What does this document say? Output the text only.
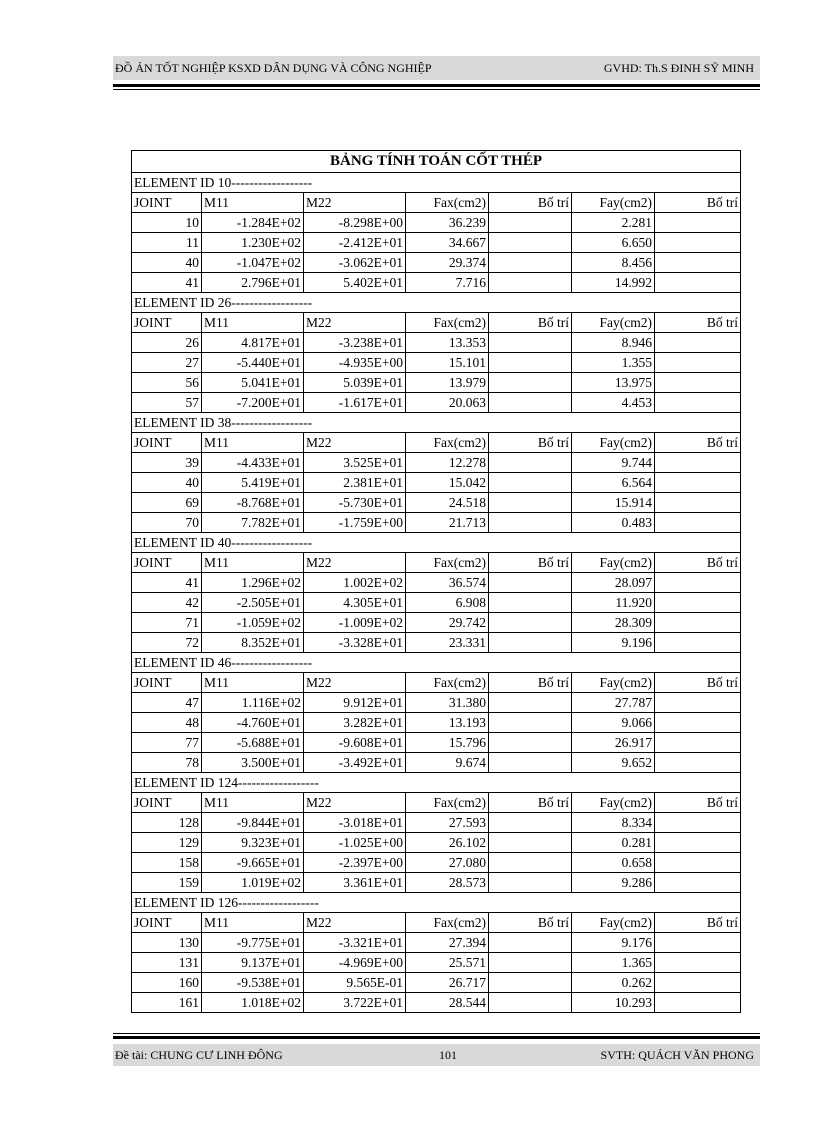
ĐỒ ÁN TỐT NGHIỆP KSXD DÂN DỤNG VÀ CÔNG NGHIỆP	GVHD: Th.S ĐINH SỸ MINH
BẢNG TÍNH TOÁN CỐT THÉP						
ELEMENT ID 10------------------						
JOINT	M11	M22	Fax(cm2)	Bố trí	Fay(cm2)	Bố trí
10	-1.284E+02	-8.298E+00	36.239		2.281	
11	1.230E+02	-2.412E+01	34.667		6.650	
40	-1.047E+02	-3.062E+01	29.374		8.456	
41	2.796E+01	5.402E+01	7.716		14.992	
ELEMENT ID 26------------------						
JOINT	M11	M22	Fax(cm2)	Bố trí	Fay(cm2)	Bố trí
26	4.817E+01	-3.238E+01	13.353		8.946	
27	-5.440E+01	-4.935E+00	15.101		1.355	
56	5.041E+01	5.039E+01	13.979		13.975	
57	-7.200E+01	-1.617E+01	20.063		4.453	
ELEMENT ID 38------------------						
JOINT	M11	M22	Fax(cm2)	Bố trí	Fay(cm2)	Bố trí
39	-4.433E+01	3.525E+01	12.278		9.744	
40	5.419E+01	2.381E+01	15.042		6.564	
69	-8.768E+01	-5.730E+01	24.518		15.914	
70	7.782E+01	-1.759E+00	21.713		0.483	
ELEMENT ID 40------------------						
JOINT	M11	M22	Fax(cm2)	Bố trí	Fay(cm2)	Bố trí
41	1.296E+02	1.002E+02	36.574		28.097	
42	-2.505E+01	4.305E+01	6.908		11.920	
71	-1.059E+02	-1.009E+02	29.742		28.309	
72	8.352E+01	-3.328E+01	23.331		9.196	
ELEMENT ID 46------------------						
JOINT	M11	M22	Fax(cm2)	Bố trí	Fay(cm2)	Bố trí
47	1.116E+02	9.912E+01	31.380		27.787	
48	-4.760E+01	3.282E+01	13.193		9.066	
77	-5.688E+01	-9.608E+01	15.796		26.917	
78	3.500E+01	-3.492E+01	9.674		9.652	
ELEMENT ID 124------------------						
JOINT	M11	M22	Fax(cm2)	Bố trí	Fay(cm2)	Bố trí
128	-9.844E+01	-3.018E+01	27.593		8.334	
129	9.323E+01	-1.025E+00	26.102		0.281	
158	-9.665E+01	-2.397E+00	27.080		0.658	
159	1.019E+02	3.361E+01	28.573		9.286	
ELEMENT ID 126------------------						
JOINT	M11	M22	Fax(cm2)	Bố trí	Fay(cm2)	Bố trí
130	-9.775E+01	-3.321E+01	27.394		9.176	
131	9.137E+01	-4.969E+00	25.571		1.365	
160	-9.538E+01	9.565E-01	26.717		0.262	
161	1.018E+02	3.722E+01	28.544		10.293	
Đề tài: CHUNG CƯ LINH ĐÔNG	101	SVTH: QUÁCH VĂN PHONG
